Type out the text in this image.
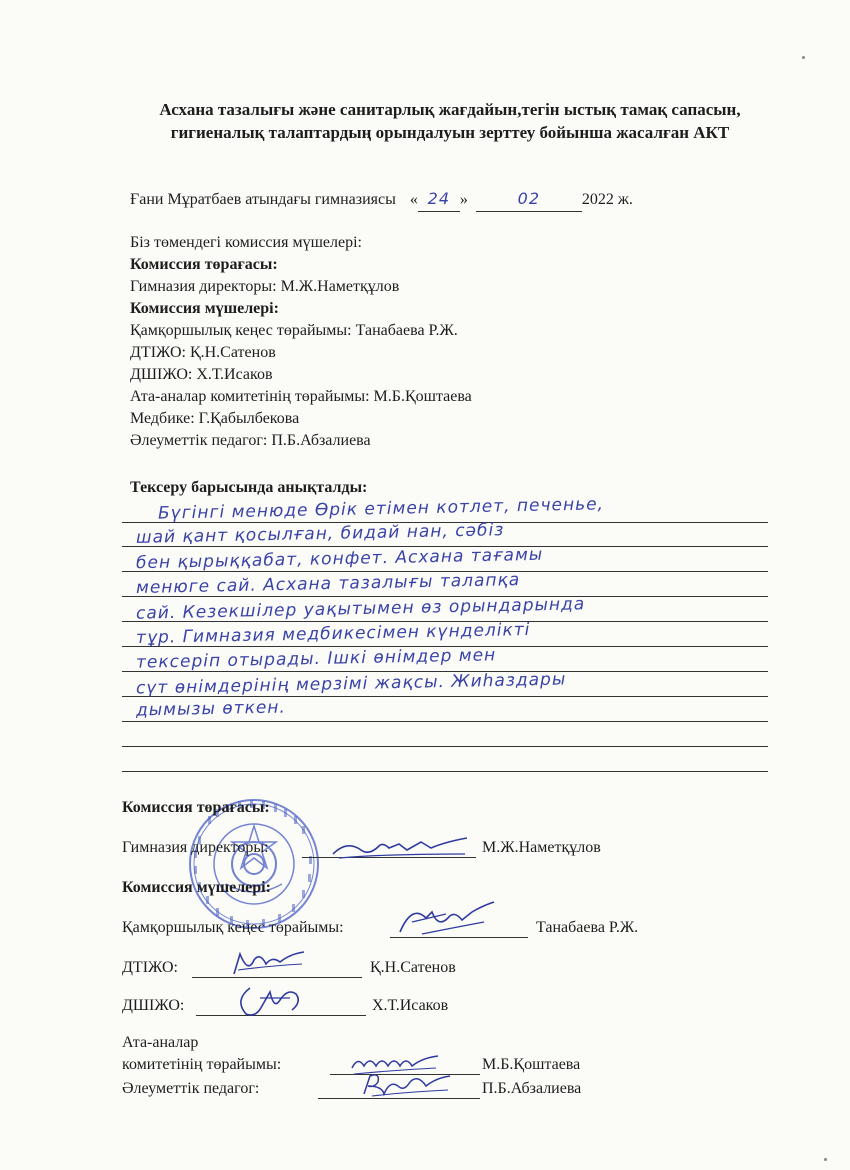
Асхана тазалығы және санитарлық жағдайын,тегін ыстық тамақ сапасын, гигиеналық талаптардың орындалуын зерттеу бойынша жасалған АКТ
Ғани Мұратбаев атындағы гимназиясы « 24 »	02	2022 ж.
Біз төмендегі комиссия мүшелері:
Комиссия төрағасы:
Гимназия директоры: М.Ж.Наметқұлов
Комиссия мүшелері:
Қамқоршылық кеңес төрайымы: Танабаева Р.Ж.
ДТІЖО: Қ.Н.Сатенов
ДШІЖО: Х.Т.Исаков
Ата-аналар комитетінің төрайымы: М.Б.Қоштаева
Медбике: Г.Қабылбекова
Әлеуметтік педагог: П.Б.Абзалиева
Тексеру барысында анықталды:
Бүгінгі менюде Өрік етімен котлет, печенье,
шай қант қосылған, бидай нан, сәбіз
бен қырыққабат, конфет. Асхана тағамы
менюге сай. Асхана тазалығы талапқа
сай. Кезекшілер уақытымен өз орындарында
тұр. Гимназия медбикесімен күнделікті
тексеріп отырады. Ішкі өнімдер мен
сүт өнімдерінің мерзімі жақсы. Жиһаздары
дымызы өткен.
Комиссия төрағасы:
Гимназия директоры:	М.Ж.Наметқұлов
Комиссия мүшелері:
Қамқоршылық кеңес төрайымы:	Танабаева Р.Ж.
ДТІЖО:	Қ.Н.Сатенов
ДШІЖО:	Х.Т.Исаков
Ата-аналар
комитетінің төрайымы:	М.Б.Қоштаева
Әлеуметтік педагог:	П.Б.Абзалиева
